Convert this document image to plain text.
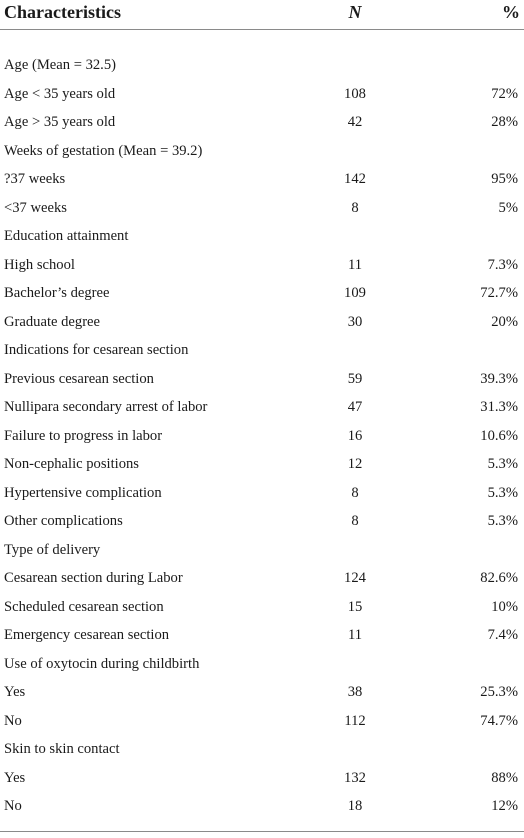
Characteristics	N	%
Age (Mean = 32.5)
Age < 35 years old	108	72%
Age > 35 years old	42	28%
Weeks of gestation (Mean = 39.2)
?37 weeks	142	95%
<37 weeks	8	5%
Education attainment
High school	11	7.3%
Bachelor’s degree	109	72.7%
Graduate degree	30	20%
Indications for cesarean section
Previous cesarean section	59	39.3%
Nullipara secondary arrest of labor	47	31.3%
Failure to progress in labor	16	10.6%
Non-cephalic positions	12	5.3%
Hypertensive complication	8	5.3%
Other complications	8	5.3%
Type of delivery
Cesarean section during Labor	124	82.6%
Scheduled cesarean section	15	10%
Emergency cesarean section	11	7.4%
Use of oxytocin during childbirth
Yes	38	25.3%
No	112	74.7%
Skin to skin contact
Yes	132	88%
No	18	12%
